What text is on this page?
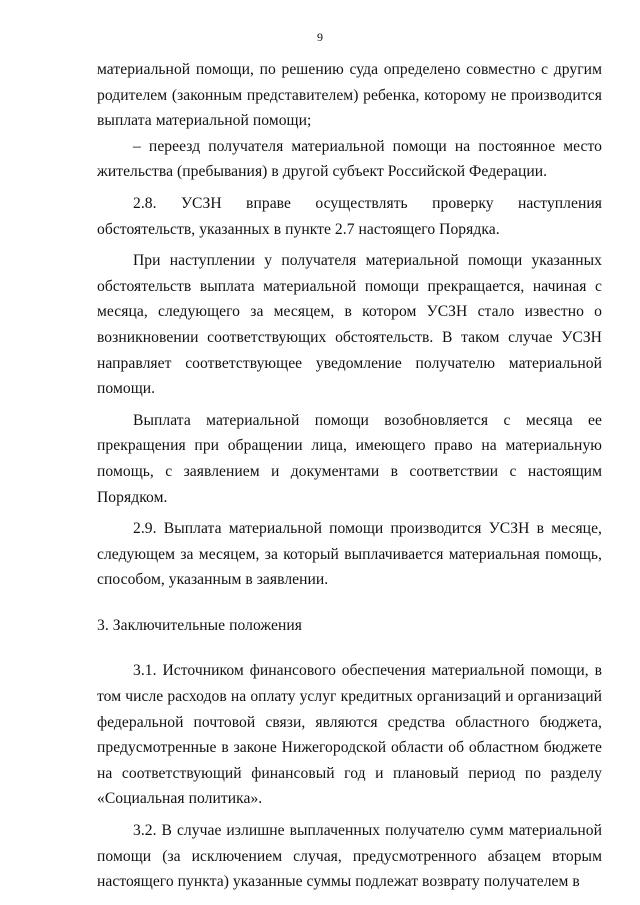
9

материальной помощи, по решению суда определено совместно с другим родителем (законным представителем) ребенка, которому не производится выплата материальной помощи;

– переезд получателя материальной помощи на постоянное место жительства (пребывания) в другой субъект Российской Федерации.

2.8. УСЗН вправе осуществлять проверку наступления обстоятельств, указанных в пункте 2.7 настоящего Порядка.

При наступлении у получателя материальной помощи указанных обстоятельств выплата материальной помощи прекращается, начиная с месяца, следующего за месяцем, в котором УСЗН стало известно о возникновении соответствующих обстоятельств. В таком случае УСЗН направляет соответствующее уведомление получателю материальной помощи.

Выплата материальной помощи возобновляется с месяца ее прекращения при обращении лица, имеющего право на материальную помощь, с заявлением и документами в соответствии с настоящим Порядком.

2.9. Выплата материальной помощи производится УСЗН в месяце, следующем за месяцем, за который выплачивается материальная помощь, способом, указанным в заявлении.

3. Заключительные положения

3.1. Источником финансового обеспечения материальной помощи, в том числе расходов на оплату услуг кредитных организаций и организаций федеральной почтовой связи, являются средства областного бюджета, предусмотренные в законе Нижегородской области об областном бюджете на соответствующий финансовый год и плановый период по разделу «Социальная политика».

3.2. В случае излишне выплаченных получателю сумм материальной помощи (за исключением случая, предусмотренного абзацем вторым настоящего пункта) указанные суммы подлежат возврату получателем в
